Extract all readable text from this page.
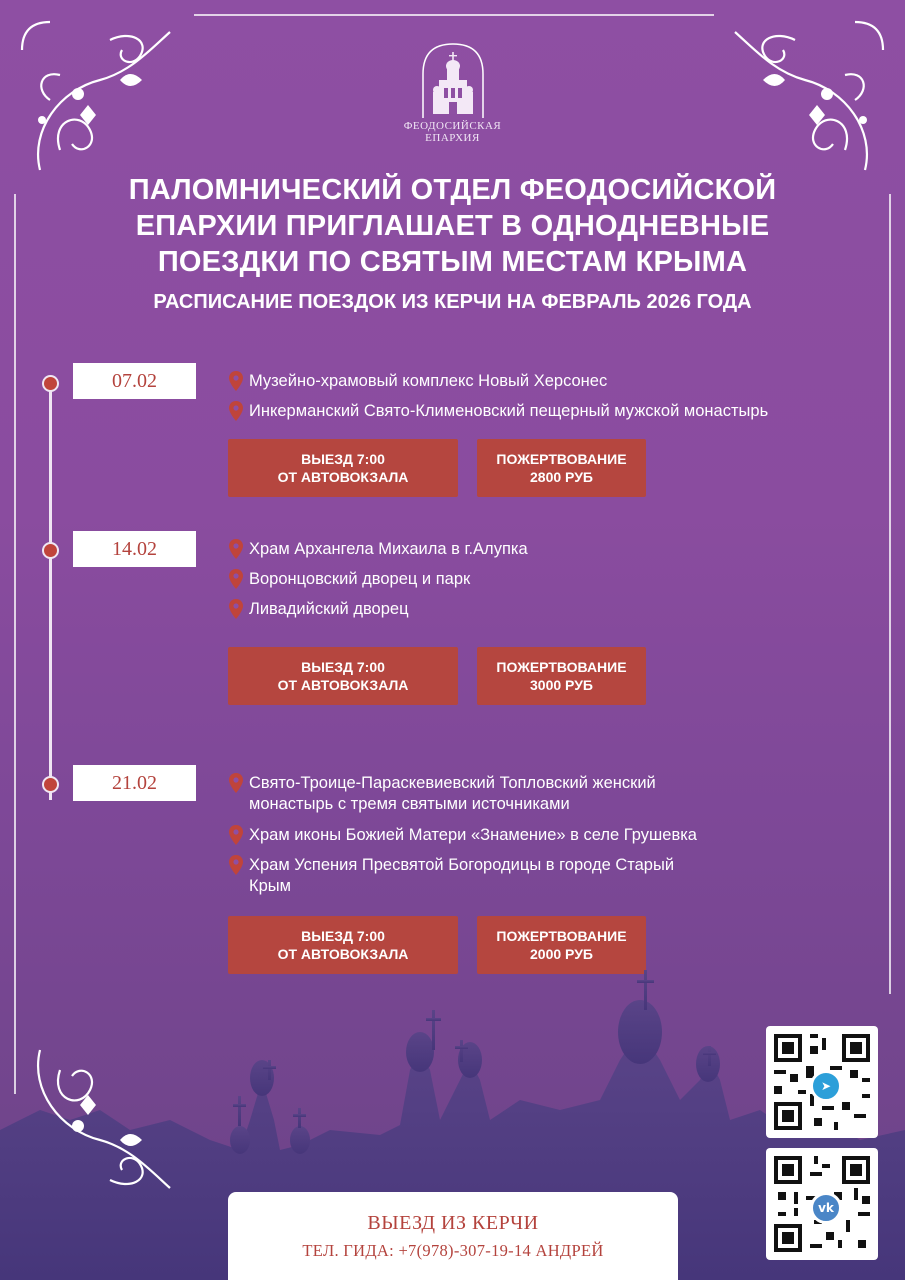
ФЕОДОСИЙСКАЯ
ЕПАРХИЯ
ПАЛОМНИЧЕСКИЙ ОТДЕЛ ФЕОДОСИЙСКОЙ
ЕПАРХИИ ПРИГЛАШАЕТ В ОДНОДНЕВНЫЕ
ПОЕЗДКИ ПО СВЯТЫМ МЕСТАМ КРЫМА
РАСПИСАНИЕ ПОЕЗДОК ИЗ КЕРЧИ НА ФЕВРАЛЬ 2026 ГОДА
07.02	Музейно-храмовый комплекс Новый Херсонес
Инкерманский Свято-Клименовский пещерный мужской монастырь
ВЫЕЗД 7:00
ОТ АВТОВОКЗАЛА
ПОЖЕРТВОВАНИЕ
2800 РУБ
14.02	Храм Архангела Михаила в г.Алупка
Воронцовский дворец и парк
Ливадийский дворец
ВЫЕЗД 7:00
ОТ АВТОВОКЗАЛА
ПОЖЕРТВОВАНИЕ
3000 РУБ
21.02	Свято-Троице-Параскевиевский Топловский женский
монастырь с тремя святыми источниками
Храм иконы Божией Матери «Знамение» в селе Грушевка
Храм Успения Пресвятой Богородицы в городе Старый
Крым
ВЫЕЗД 7:00
ОТ АВТОВОКЗАЛА
ПОЖЕРТВОВАНИЕ
2000 РУБ
➤
vk
ВЫЕЗД ИЗ КЕРЧИ
ТЕЛ. ГИДА: +7(978)-307-19-14 АНДРЕЙ
